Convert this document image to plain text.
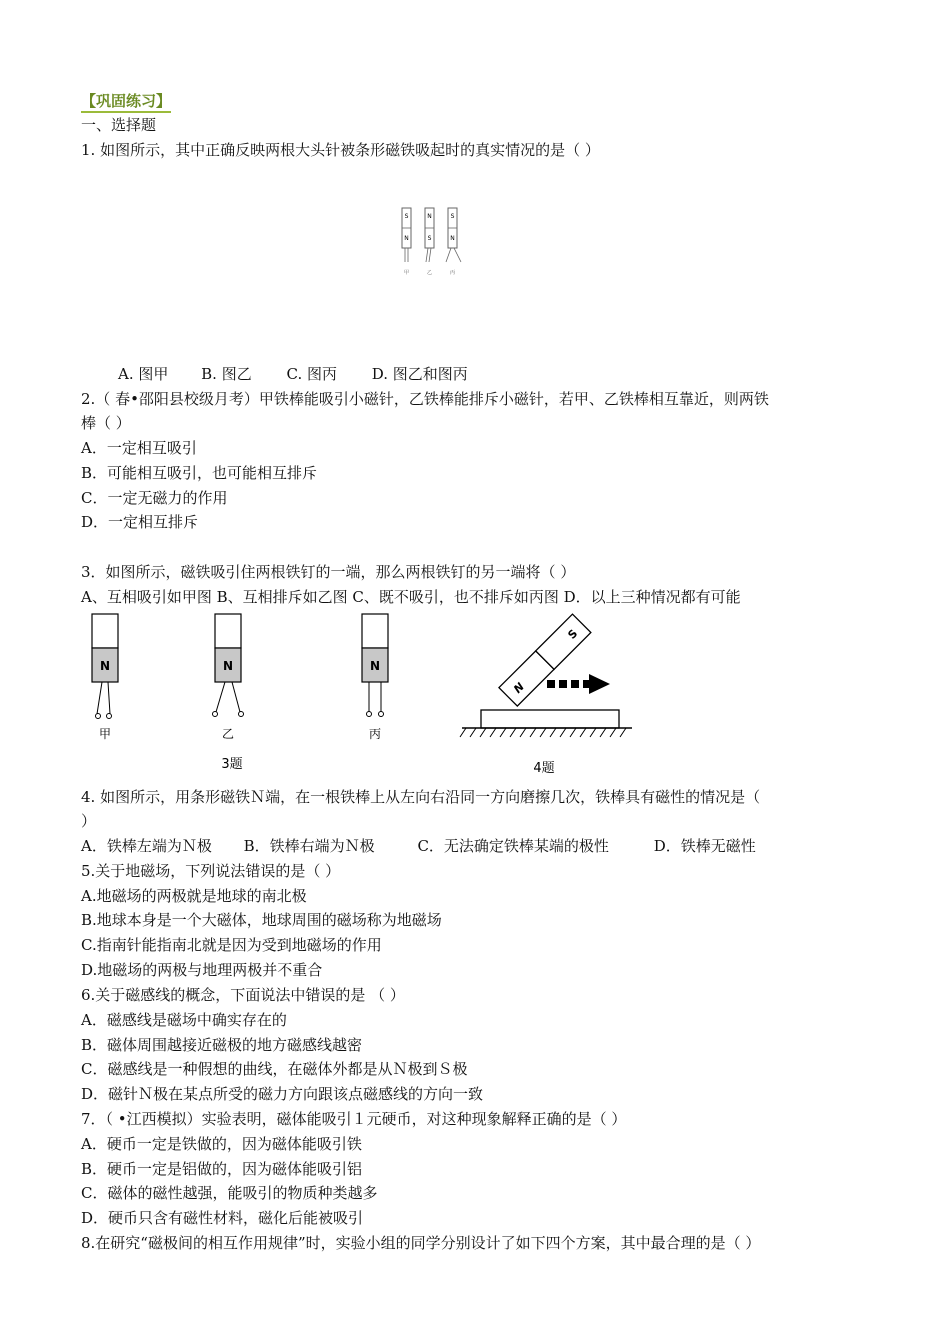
【巩固练习】
一、选择题
1. 如图所示，其中正确反映两根大头针被条形磁铁吸起时的真实情况的是（ ）
S
N
甲
N
S
乙
S
N
丙
A. 图甲 B. 图乙 C. 图丙 D. 图乙和图丙
2.（ 春•邵阳县校级月考）甲铁棒能吸引小磁针，乙铁棒能排斥小磁针，若甲、乙铁棒相互靠近，则两铁
棒（ ）
A．一定相互吸引
B．可能相互吸引，也可能相互排斥
C．一定无磁力的作用
D．一定相互排斥
3．如图所示，磁铁吸引住两根铁钉的一端，那么两根铁钉的另一端将（ ）
A、互相吸引如甲图 B、互相排斥如乙图 C、既不吸引，也不排斥如丙图 D．以上三种情况都有可能
N
甲
N
乙
3题
N
丙
N
S
4题
4. 如图所示，用条形磁铁Ｎ端，在一根铁棒上从左向右沿同一方向磨擦几次，铁棒具有磁性的情况是（
）
A．铁棒左端为Ｎ极 B．铁棒右端为Ｎ极	C．无法确定铁棒某端的极性	D．铁棒无磁性
5.关于地磁场，下列说法错误的是（ ）
A.地磁场的两极就是地球的南北极
B.地球本身是一个大磁体，地球周围的磁场称为地磁场
C.指南针能指南北就是因为受到地磁场的作用
D.地磁场的两极与地理两极并不重合
6.关于磁感线的概念，下面说法中错误的是 （ ）
A．磁感线是磁场中确实存在的
B．磁体周围越接近磁极的地方磁感线越密
C．磁感线是一种假想的曲线，在磁体外都是从Ｎ极到Ｓ极
D．磁针Ｎ极在某点所受的磁力方向跟该点磁感线的方向一致
7．（ •江西模拟）实验表明，磁体能吸引１元硬币，对这种现象解释正确的是（ ）
A．硬币一定是铁做的，因为磁体能吸引铁
B．硬币一定是铝做的，因为磁体能吸引铝
C．磁体的磁性越强，能吸引的物质种类越多
D．硬币只含有磁性材料，磁化后能被吸引
8.在研究“磁极间的相互作用规律”时，实验小组的同学分别设计了如下四个方案，其中最合理的是（ ）
